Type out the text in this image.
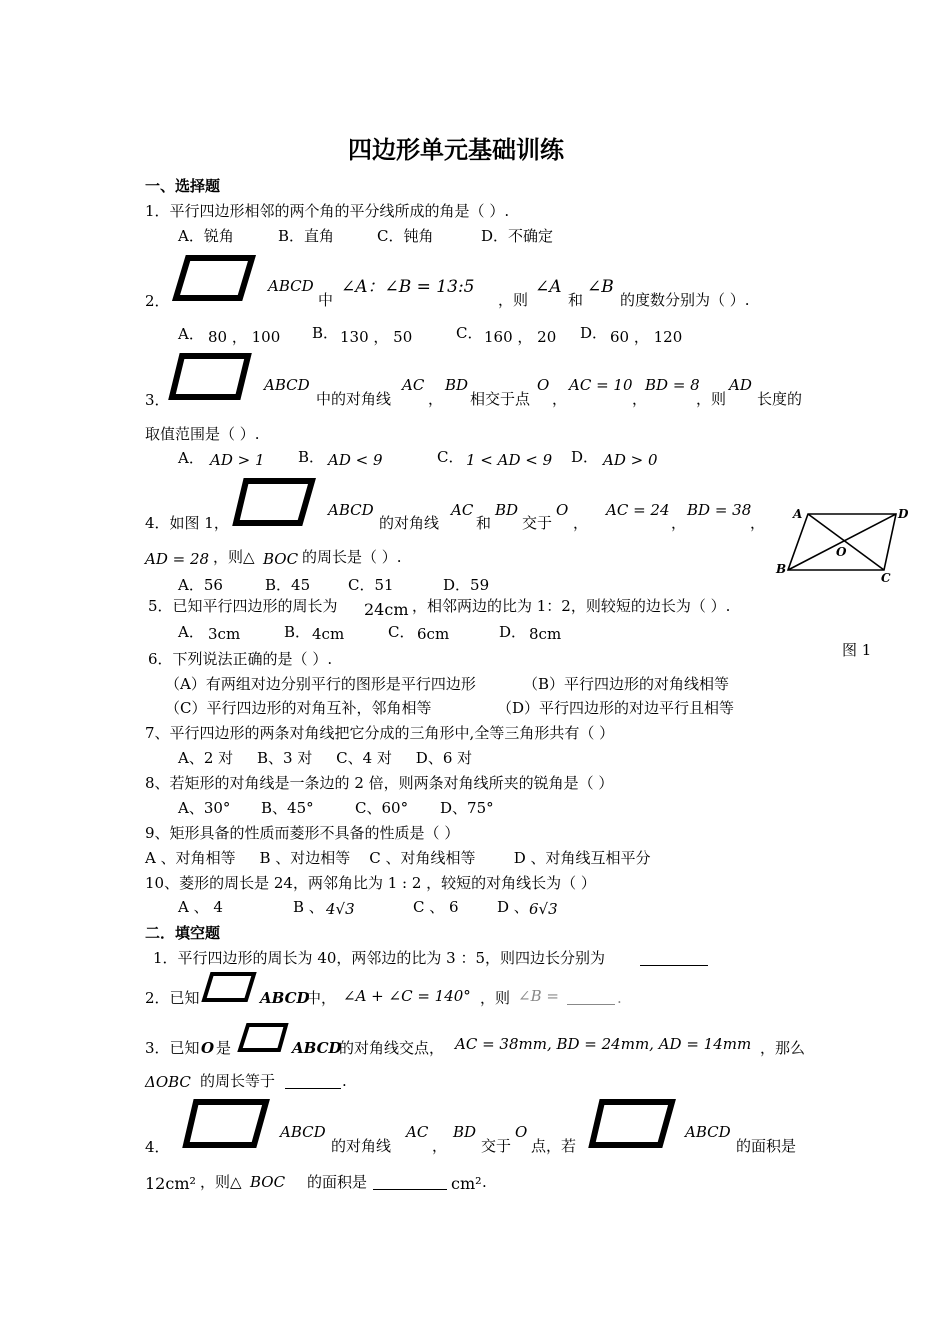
四边形单元基础训练
一、选择题
1．平行四边形相邻的两个角的平分线所成的角是（ ）.
A．锐角	B．直角	C．钝角	D．不确定
2．
ABCD
中
∠A：∠B = 13:5
，则
∠A
和
∠B
的度数分别为（ ）.
A． 80 ， 100 B． 130 ， 50	C． 160 ， 20 D． 60 ， 120
3．
ABCD
中的对角线
AC
，
BD
相交于点
O
，
AC = 10
，
BD = 8
，则
AD
长度的
取值范围是（ ）.
A． AD > 1 B． AD < 9	C． 1 < AD < 9 D． AD > 0
4．如图 1，
ABCD
的对角线
AC
和
BD
交于
O
，
AC = 24
，
BD = 38
，
AD = 28 ，则△ BOC 的周长是（ ）.
A．56	B．45	C．51	D．59
A	D
O
B
C
图 1
5．已知平行四边形的周长为 24cm ，相邻两边的比为 1：2，则较短的边长为（ ）.
A． 3cm	B． 4cm	C． 6cm	D． 8cm
6．下列说法正确的是（ ）.
（A）有两组对边分别平行的图形是平行四边形	（B）平行四边形的对角线相等
（C）平行四边形的对角互补，邻角相等	（D）平行四边形的对边平行且相等
7、平行四边形的两条对角线把它分成的三角形中,全等三角形共有（ ）
A、2 对     B、3 对     C、4 对     D、6 对
8、若矩形的对角线是一条边的 2 倍，则两条对角线所夹的锐角是（ ）
A、30° B、45°	C、60° D、75°
9、矩形具备的性质而菱形不具备的性质是（ ）
A 、对角相等     B 、对边相等    C 、对角线相等        D 、对角线互相平分
10、菱形的周长是 24，两邻角比为 1 : 2 ，较短的对角线长为（ ）
A 、 4	B 、 4√3	C 、 6	D 、 6√3
二．填空题
1．平行四边形的周长为 40，两邻边的比为 3 ：5，则四边长分别为
2．已知	ABCD
中， ∠A + ∠C = 140° ，则 ∠B =	.
3．已知 O 是	ABCD
的对角线交点， AC = 38mm, BD = 24mm, AD = 14mm ，那么
ΔOBC 的周长等于	.
4．
ABCD
的对角线
AC
，
BD
交于
O
点，若
ABCD
的面积是
12cm² ，则△ BOC 的面积是	cm² .
